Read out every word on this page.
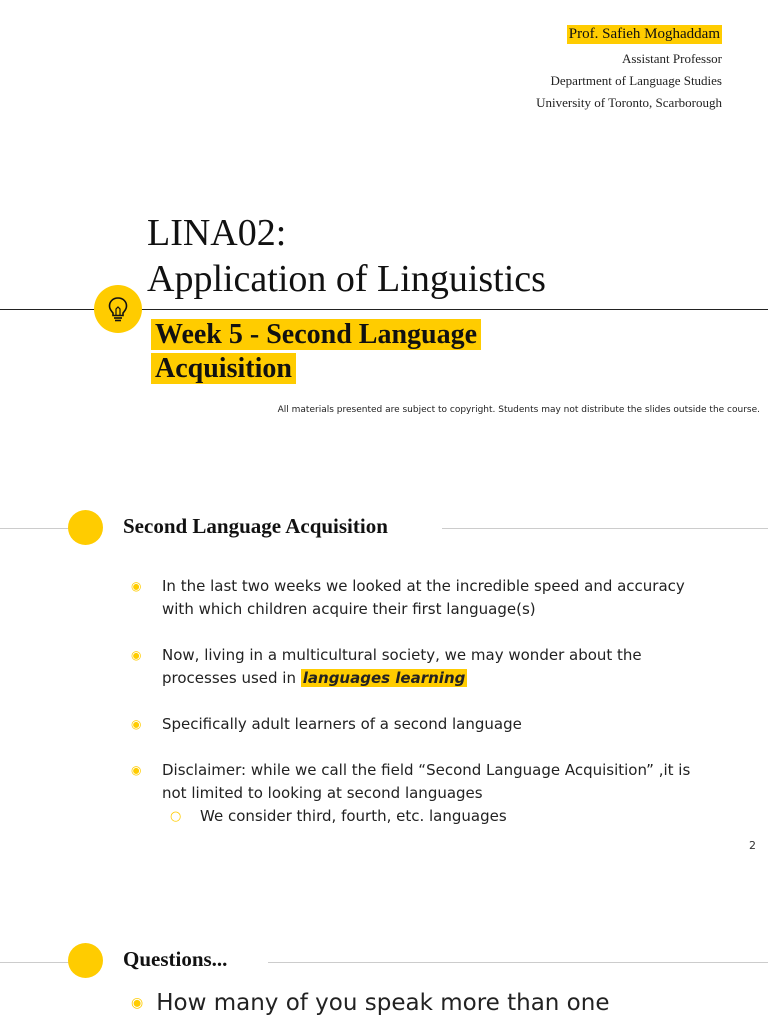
Prof. Safieh Moghaddam
Assistant Professor
Department of Language Studies
University of Toronto, Scarborough
LINA02:
Application of Linguistics
Week 5 - Second Language Acquisition
All materials presented are subject to copyright. Students may not distribute the slides outside the course.
Second Language Acquisition
◉ In the last two weeks we looked at the incredible speed and accuracy with which children acquire their first language(s)
◉ Now, living in a multicultural society, we may wonder about the processes used in languages learning
◉ Specifically adult learners of a second language
◉ Disclaimer: while we call the field “Second Language Acquisition” ,it is not limited to looking at second languages
○ We consider third, fourth, etc. languages
2
Questions...
◉ How many of you speak more than one
